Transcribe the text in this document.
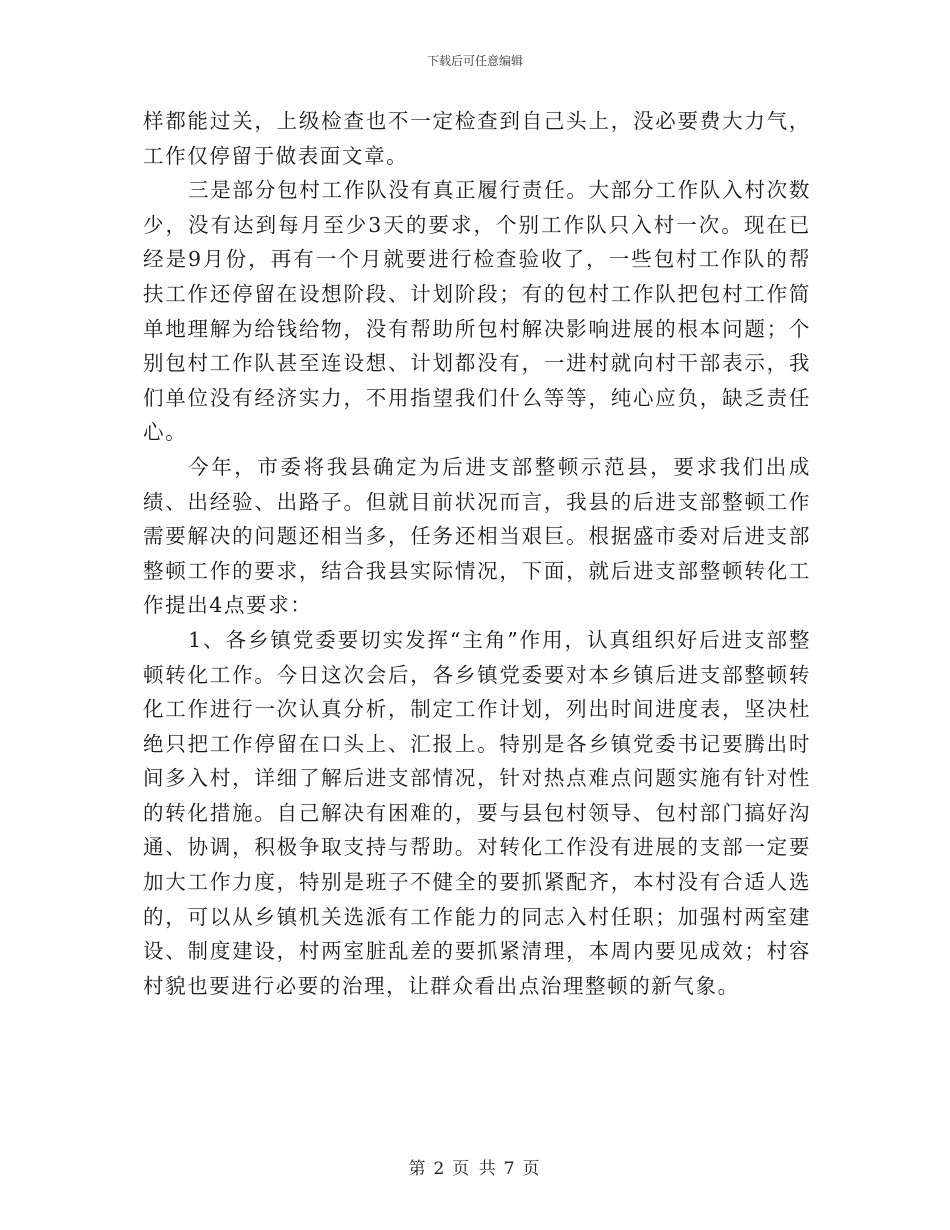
下载后可任意编辑

样都能过关，上级检查也不一定检查到自己头上，没必要费大力气，工作仅停留于做表面文章。

三是部分包村工作队没有真正履行责任。大部分工作队入村次数少，没有达到每月至少3天的要求，个别工作队只入村一次。现在已经是9月份，再有一个月就要进行检查验收了，一些包村工作队的帮扶工作还停留在设想阶段、计划阶段；有的包村工作队把包村工作简单地理解为给钱给物，没有帮助所包村解决影响进展的根本问题；个别包村工作队甚至连设想、计划都没有，一进村就向村干部表示，我们单位没有经济实力，不用指望我们什么等等，纯心应负，缺乏责任心。

今年，市委将我县确定为后进支部整顿示范县，要求我们出成绩、出经验、出路子。但就目前状况而言，我县的后进支部整顿工作需要解决的问题还相当多，任务还相当艰巨。根据盛市委对后进支部整顿工作的要求，结合我县实际情况，下面，就后进支部整顿转化工作提出4点要求：

1、各乡镇党委要切实发挥“主角”作用，认真组织好后进支部整顿转化工作。今日这次会后，各乡镇党委要对本乡镇后进支部整顿转化工作进行一次认真分析，制定工作计划，列出时间进度表，坚决杜绝只把工作停留在口头上、汇报上。特别是各乡镇党委书记要腾出时间多入村，详细了解后进支部情况，针对热点难点问题实施有针对性的转化措施。自己解决有困难的，要与县包村领导、包村部门搞好沟通、协调，积极争取支持与帮助。对转化工作没有进展的支部一定要加大工作力度，特别是班子不健全的要抓紧配齐，本村没有合适人选的，可以从乡镇机关选派有工作能力的同志入村任职；加强村两室建设、制度建设，村两室脏乱差的要抓紧清理，本周内要见成效；村容村貌也要进行必要的治理，让群众看出点治理整顿的新气象。

第 2 页 共 7 页
